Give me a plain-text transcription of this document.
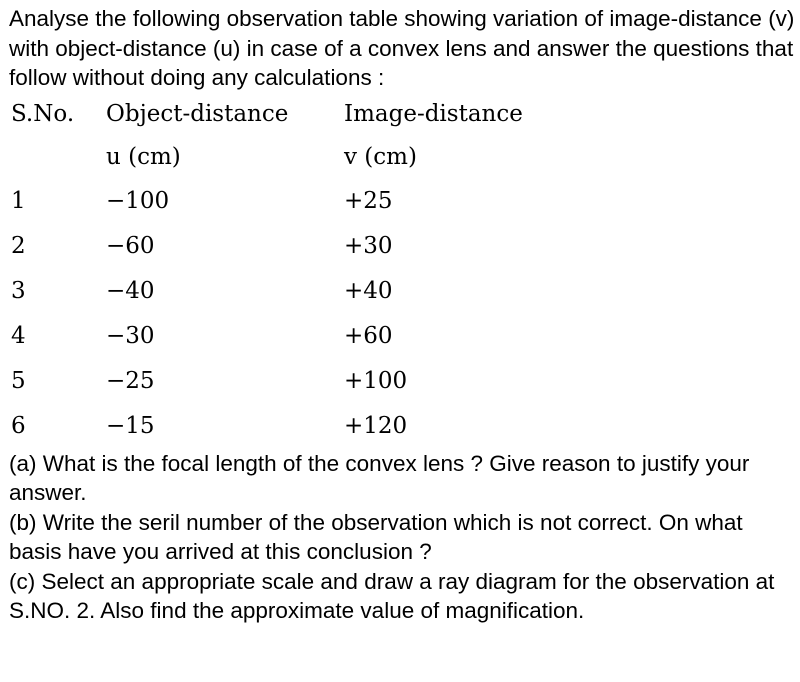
Analyse the following observation table showing variation of image-distance (v) with object-distance (u) in case of a convex lens and answer the questions that follow without doing any calculations :

S.No.	Object-distance	Image-distance
	u (cm)	v (cm)
1	−100	+25
2	−60	+30
3	−40	+40
4	−30	+60
5	−25	+100
6	−15	+120

(a) What is the focal length of the convex lens ? Give reason to justify your answer.

(b) Write the seril number of the observation which is not correct. On what basis have you arrived at this conclusion ?

(c) Select an appropriate scale and draw a ray diagram for the observation at S.NO. 2. Also find the approximate value of magnification.
